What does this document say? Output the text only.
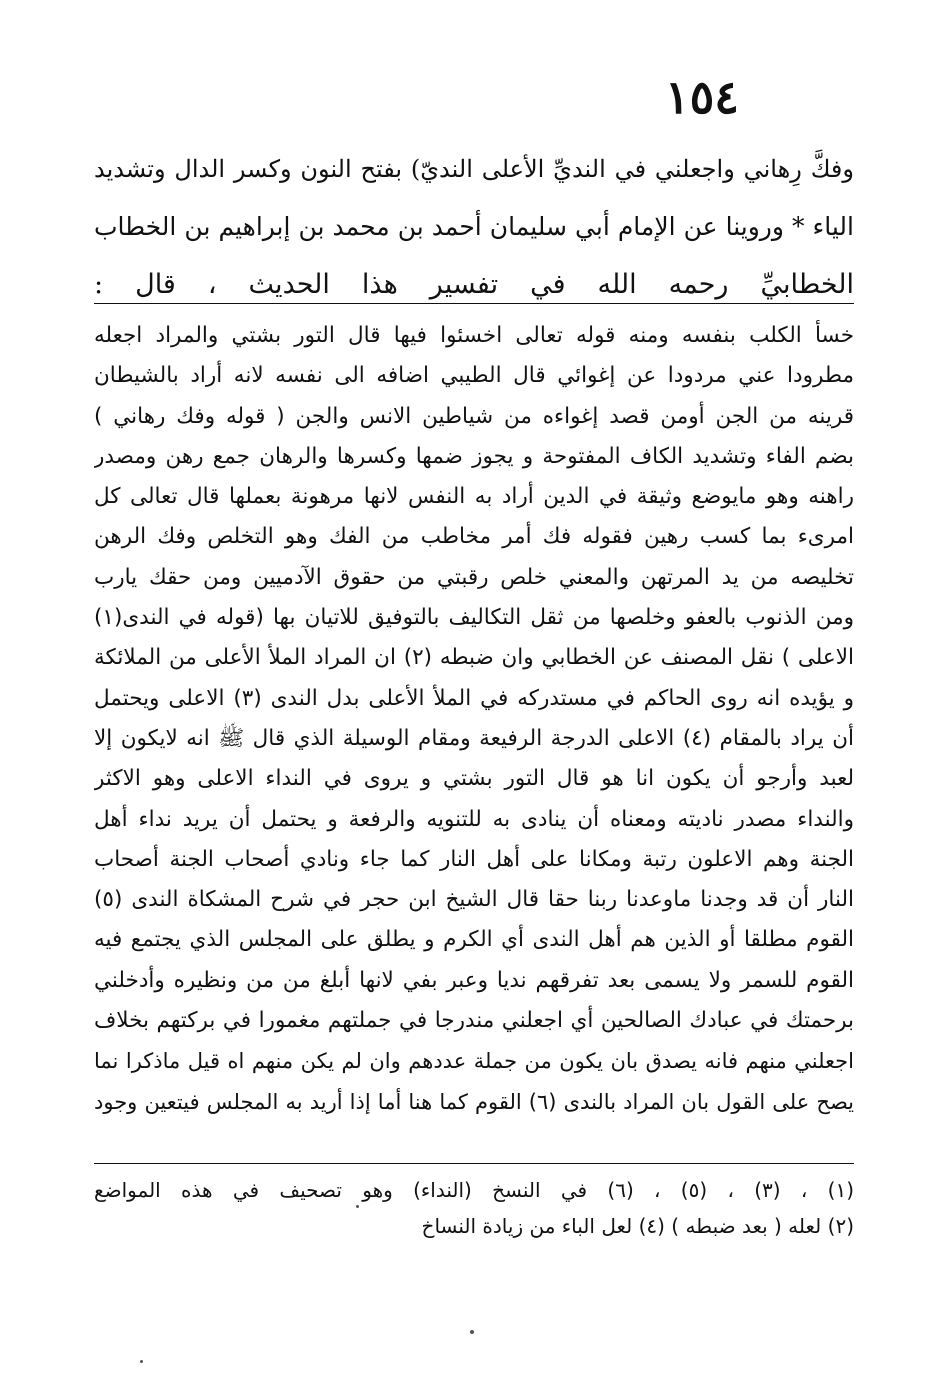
١٥٤
وفكَّ رِهاني واجعلني في النديِّ الأعلى النديّ) بفتح النون وكسر الدال وتشديد
الياء * وروينا عن الإمام أبي سليمان أحمد بن محمد بن إبراهيم بن الخطاب
الخطابيِّ رحمه الله في تفسير هذا الحديث ، قال :
خسأ الكلب بنفسه ومنه قوله تعالى اخسئوا فيها قال التور بشتي والمراد اجعله
مطرودا عني مردودا عن إغوائي قال الطيبي اضافه الى نفسه لانه أراد بالشيطان
قرينه من الجن أومن قصد إغواءه من شياطين الانس والجن ( قوله وفك رهاني )
بضم الفاء وتشديد الكاف المفتوحة و يجوز ضمها وكسرها والرهان جمع رهن ومصدر
راهنه وهو مايوضع وثيقة في الدين أراد به النفس لانها مرهونة بعملها قال تعالى كل
امرىء بما كسب رهين فقوله فك أمر مخاطب من الفك وهو التخلص وفك الرهن
تخليصه من يد المرتهن والمعني خلص رقبتي من حقوق الآدميين ومن حقك يارب
ومن الذنوب بالعفو وخلصها من ثقل التكاليف بالتوفيق للاتيان بها (قوله في الندى(١)
الاعلى ) نقل المصنف عن الخطابي وان ضبطه (٢) ان المراد الملأ الأعلى من الملائكة
و يؤيده انه روى الحاكم في مستدركه في الملأ الأعلى بدل الندى (٣) الاعلى ويحتمل
أن يراد بالمقام (٤) الاعلى الدرجة الرفيعة ومقام الوسيلة الذي قال ﷺ انه لايكون إلا
لعبد وأرجو أن يكون انا هو قال التور بشتي و يروى في النداء الاعلى وهو الاكثر
والنداء مصدر ناديته ومعناه أن ينادى به للتنويه والرفعة و يحتمل أن يريد نداء أهل
الجنة وهم الاعلون رتبة ومكانا على أهل النار كما جاء ونادي أصحاب الجنة أصحاب
النار أن قد وجدنا ماوعدنا ربنا حقا قال الشيخ ابن حجر في شرح المشكاة الندى (٥)
القوم مطلقا أو الذين هم أهل الندى أي الكرم و يطلق على المجلس الذي يجتمع فيه
القوم للسمر ولا يسمى بعد تفرقهم نديا وعبر بفي لانها أبلغ من من ونظيره وأدخلني
برحمتك في عبادك الصالحين أي اجعلني مندرجا في جملتهم مغمورا في بركتهم بخلاف
اجعلني منهم فانه يصدق بان يكون من جملة عددهم وان لم يكن منهم اه قيل ماذكرا نما
يصح على القول بان المراد بالندى (٦) القوم كما هنا أما إذا أريد به المجلس فيتعين وجود
(١) ، (٣) ، (٥) ، (٦) في النسخ (النداء) وهو تصحيف في هذه المواضع
(٢) لعله ( بعد ضبطه ) (٤) لعل الباء من زيادة النساخ
